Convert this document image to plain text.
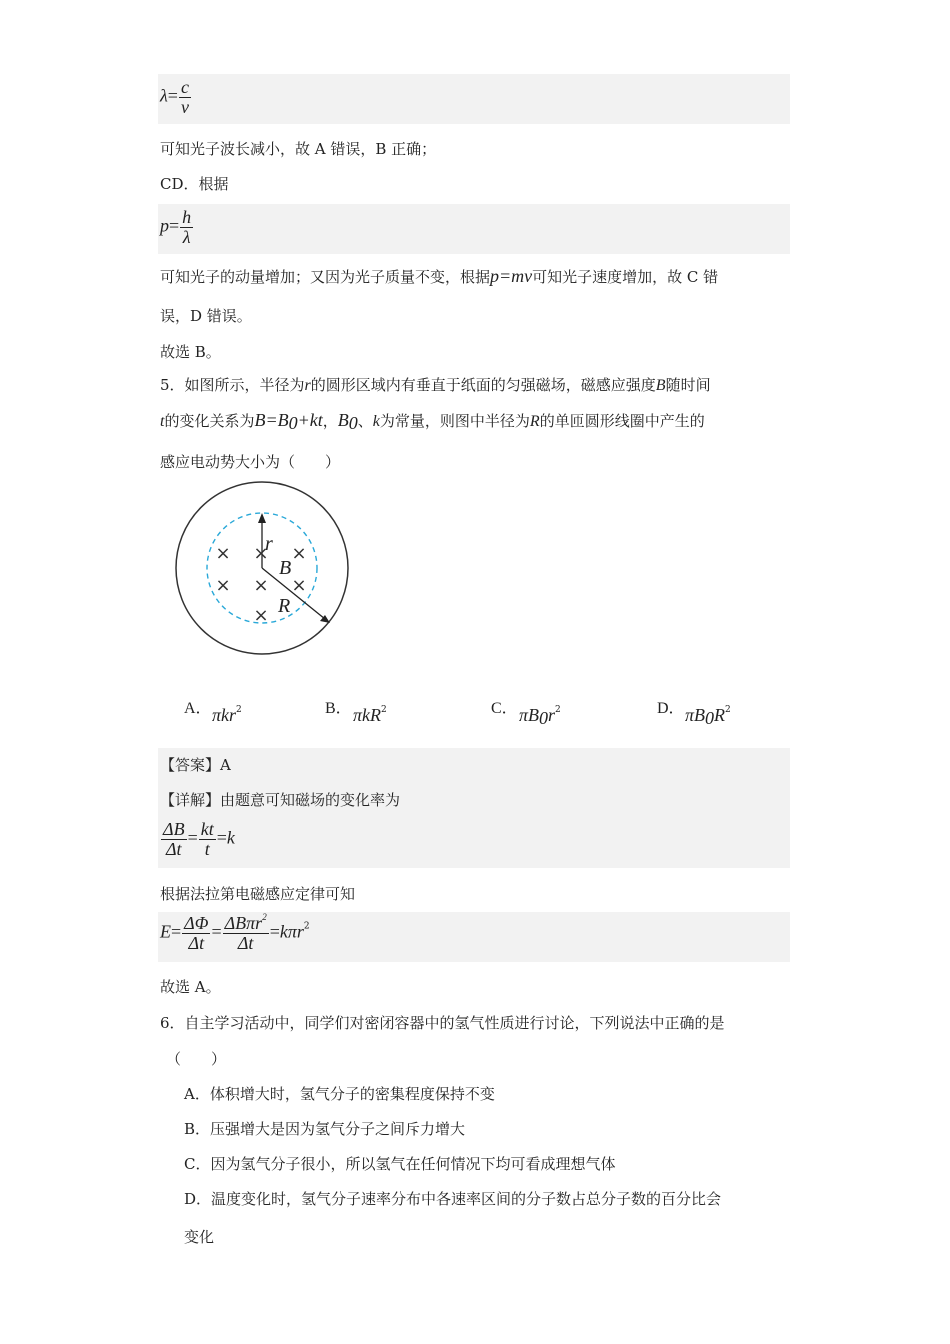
$\lambda= \frac{c}{v}$
可知光子波长减小，故 A 错误，B 正确；
CD．根据
$p= \frac{h}{\lambda}$
可知光子的动量增加；又因为光子质量不变，根据p=mv可知光子速度增加，故 C 错
误，D 错误。
故选 B。
5．如图所示，半径为r的圆形区域内有垂直于纸面的匀强磁场，磁感应强度B随时间
t的变化关系为$B=B_0+kt$，$B_0$、k为常量，则图中半径为R的单匝圆形线圈中产生的
感应电动势大小为（　　）
× × ×
× × ×
×
r
B
R
A． πkr$^2$	B． πkR$^2$	C． $\pi B_0r^2$	D． $\pi B_0R^2$
【答案】A
【详解】由题意可知磁场的变化率为
$\frac{\Delta B}{\Delta t} = \frac{kt}{t} =k$
根据法拉第电磁感应定律可知
$E= \frac{\Delta\Phi}{\Delta t} = \frac{\Delta B\pi r^2}{\Delta t} =k\pi r^2$
故选 A。
6．自主学习活动中，同学们对密闭容器中的氢气性质进行讨论，下列说法中正确的是
（　　）
A．体积增大时，氢气分子的密集程度保持不变
B．压强增大是因为氢气分子之间斥力增大
C．因为氢气分子很小，所以氢气在任何情况下均可看成理想气体
D．温度变化时，氢气分子速率分布中各速率区间的分子数占总分子数的百分比会
变化
